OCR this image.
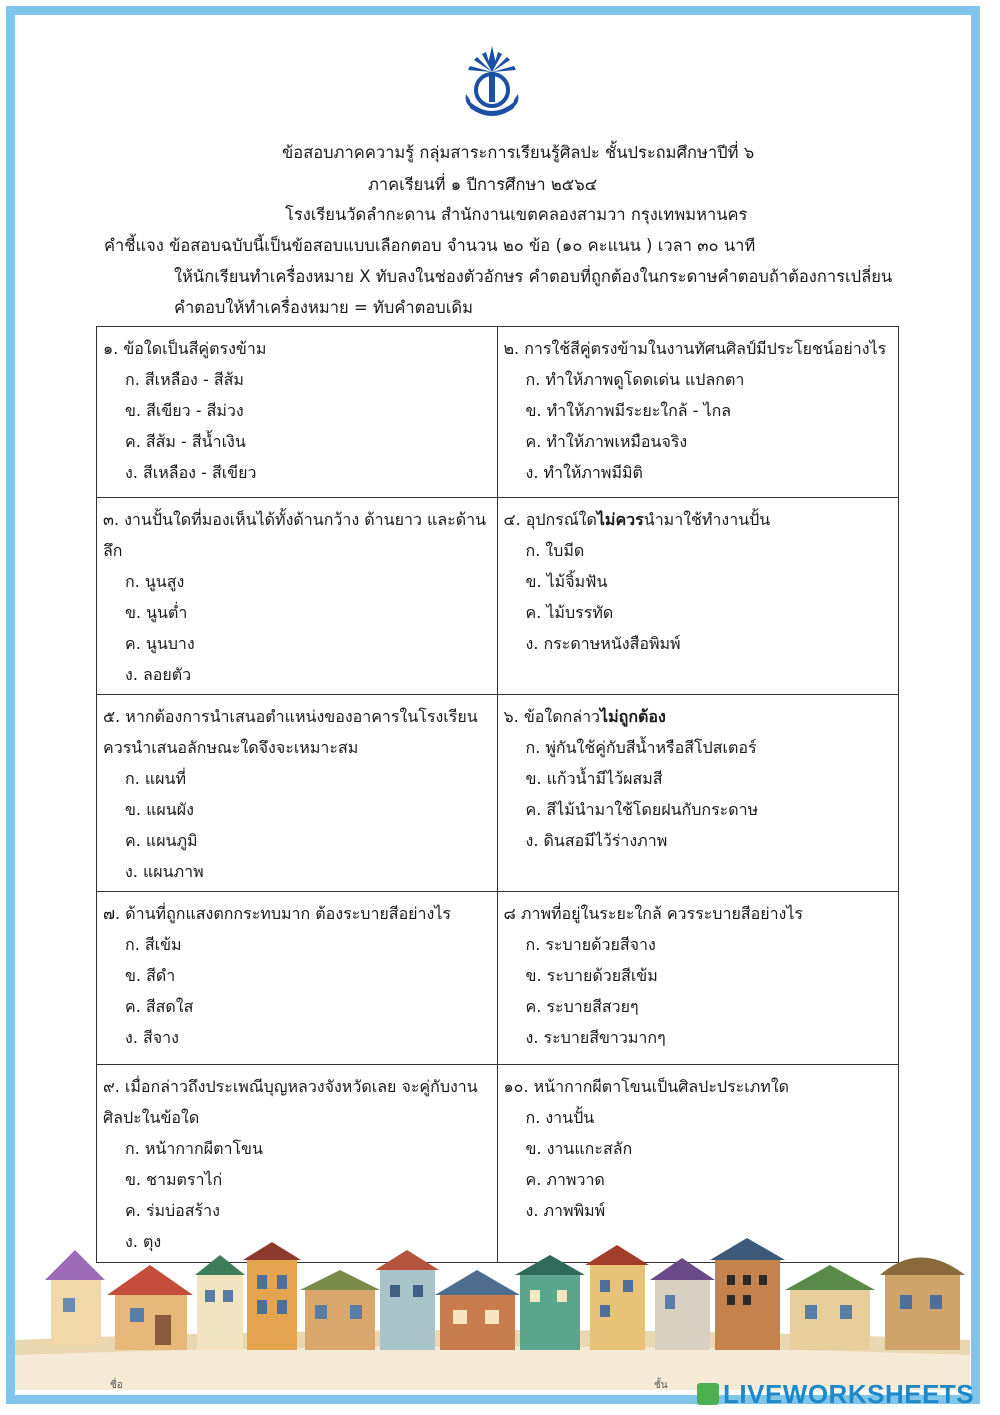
ข้อสอบภาคความรู้ กลุ่มสาระการเรียนรู้ศิลปะ ชั้นประถมศึกษาปีที่ ๖
ภาคเรียนที่ ๑ ปีการศึกษา ๒๕๖๔
โรงเรียนวัดลำกะดาน สำนักงานเขตคลองสามวา กรุงเทพมหานคร
คำชี้แจง ข้อสอบฉบับนี้เป็นข้อสอบแบบเลือกตอบ จำนวน ๒๐ ข้อ (๑๐ คะแนน ) เวลา ๓๐ นาที
ให้นักเรียนทำเครื่องหมาย X ทับลงในช่องตัวอักษร คำตอบที่ถูกต้องในกระดาษคำตอบถ้าต้องการเปลี่ยน
คำตอบให้ทำเครื่องหมาย = ทับคำตอบเดิม
๑. ข้อใดเป็นสีคู่ตรงข้าม
ก. สีเหลือง - สีส้ม
ข. สีเขียว - สีม่วง
ค. สีส้ม - สีน้ำเงิน
ง. สีเหลือง - สีเขียว
๒. การใช้สีคู่ตรงข้ามในงานทัศนศิลป์มีประโยชน์อย่างไร
ก. ทำให้ภาพดูโดดเด่น แปลกตา
ข. ทำให้ภาพมีระยะใกล้ - ไกล
ค. ทำให้ภาพเหมือนจริง
ง. ทำให้ภาพมีมิติ
๓. งานปั้นใดที่มองเห็นได้ทั้งด้านกว้าง ด้านยาว และด้านลึก
ก. นูนสูง
ข. นูนต่ำ
ค. นูนบาง
ง. ลอยตัว
๔. อุปกรณ์ใดไม่ควรนำมาใช้ทำงานปั้น
ก. ใบมีด
ข. ไม้จิ้มฟัน
ค. ไม้บรรทัด
ง. กระดาษหนังสือพิมพ์
๕. หากต้องการนำเสนอตำแหน่งของอาคารในโรงเรียนควรนำเสนอลักษณะใดจึงจะเหมาะสม
ก. แผนที่
ข. แผนผัง
ค. แผนภูมิ
ง. แผนภาพ
๖. ข้อใดกล่าวไม่ถูกต้อง
ก. พู่กันใช้คู่กับสีน้ำหรือสีโปสเตอร์
ข. แก้วน้ำมีไว้ผสมสี
ค. สีไม้นำมาใช้โดยฝนกับกระดาษ
ง. ดินสอมีไว้ร่างภาพ
๗. ด้านที่ถูกแสงตกกระทบมาก ต้องระบายสีอย่างไร
ก. สีเข้ม
ข. สีดำ
ค. สีสดใส
ง. สีจาง
๘ ภาพที่อยู่ในระยะใกล้ ควรระบายสีอย่างไร
ก. ระบายด้วยสีจาง
ข. ระบายด้วยสีเข้ม
ค. ระบายสีสวยๆ
ง. ระบายสีขาวมากๆ
๙. เมื่อกล่าวถึงประเพณีบุญหลวงจังหวัดเลย จะคู่กับงานศิลปะในข้อใด
ก. หน้ากากผีตาโขน
ข. ชามตราไก่
ค. ร่มบ่อสร้าง
ง. ตุง
๑๐. หน้ากากผีตาโขนเป็นศิลปะประเภทใด
ก. งานปั้น
ข. งานแกะสลัก
ค. ภาพวาด
ง. ภาพพิมพ์
ชื่อ	ชั้น LIVEWORKSHEETS
